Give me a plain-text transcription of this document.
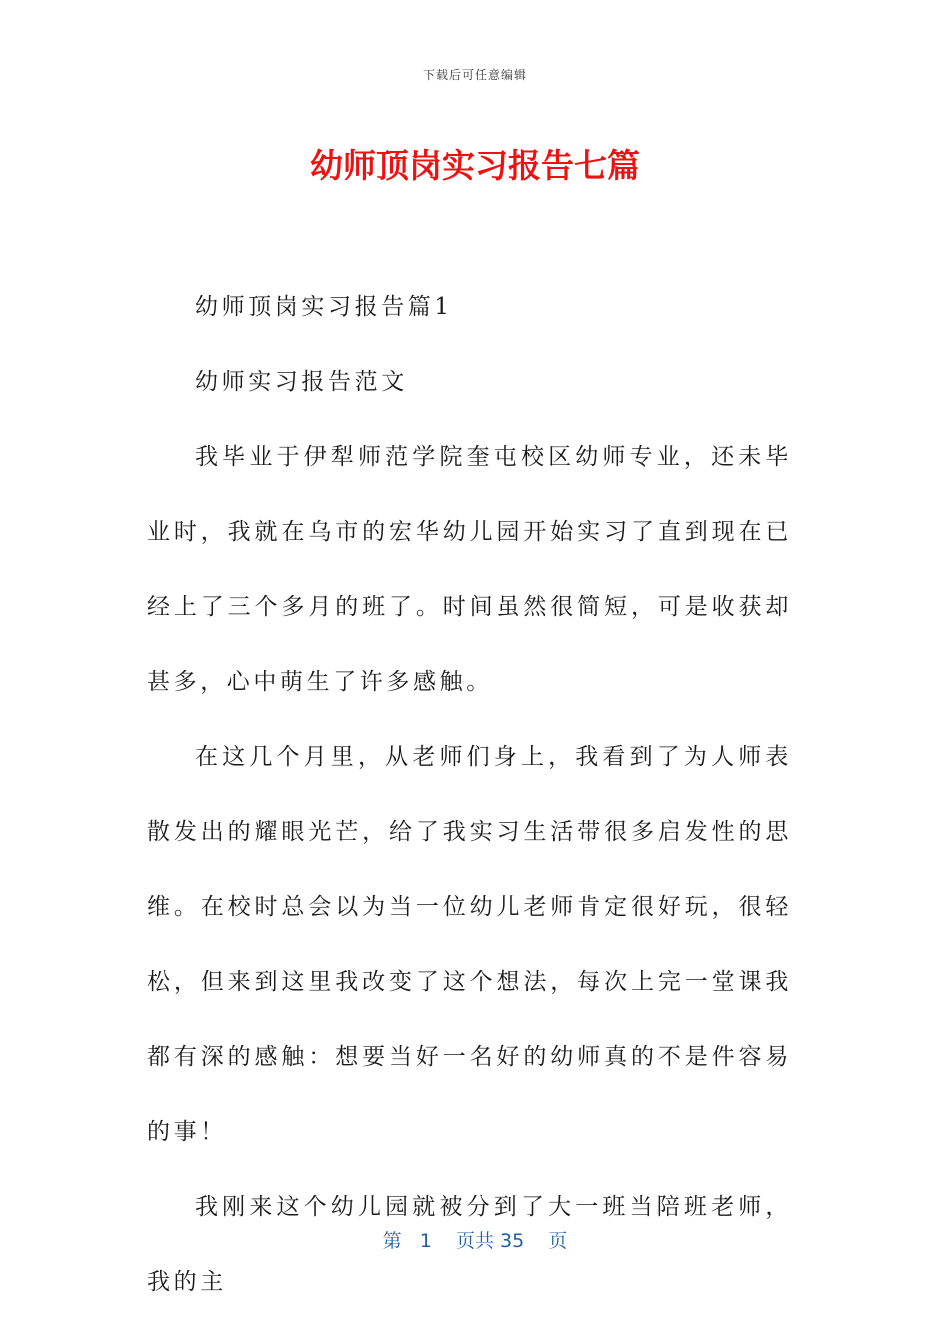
下载后可任意编辑
幼师顶岗实习报告七篇

幼师顶岗实习报告篇1

幼师实习报告范文

我毕业于伊犁师范学院奎屯校区幼师专业，还未毕业时，我就在乌市的宏华幼儿园开始实习了直到现在已经上了三个多月的班了。时间虽然很简短，可是收获却甚多，心中萌生了许多感触。

在这几个月里，从老师们身上，我看到了为人师表散发出的耀眼光芒，给了我实习生活带很多启发性的思维。在校时总会以为当一位幼儿老师肯定很好玩，很轻松，但来到这里我改变了这个想法，每次上完一堂课我都有深的感触：想要当好一名好的幼师真的不是件容易的事！

我刚来这个幼儿园就被分到了大一班当陪班老师，我的主

第 1 页共 35 页
